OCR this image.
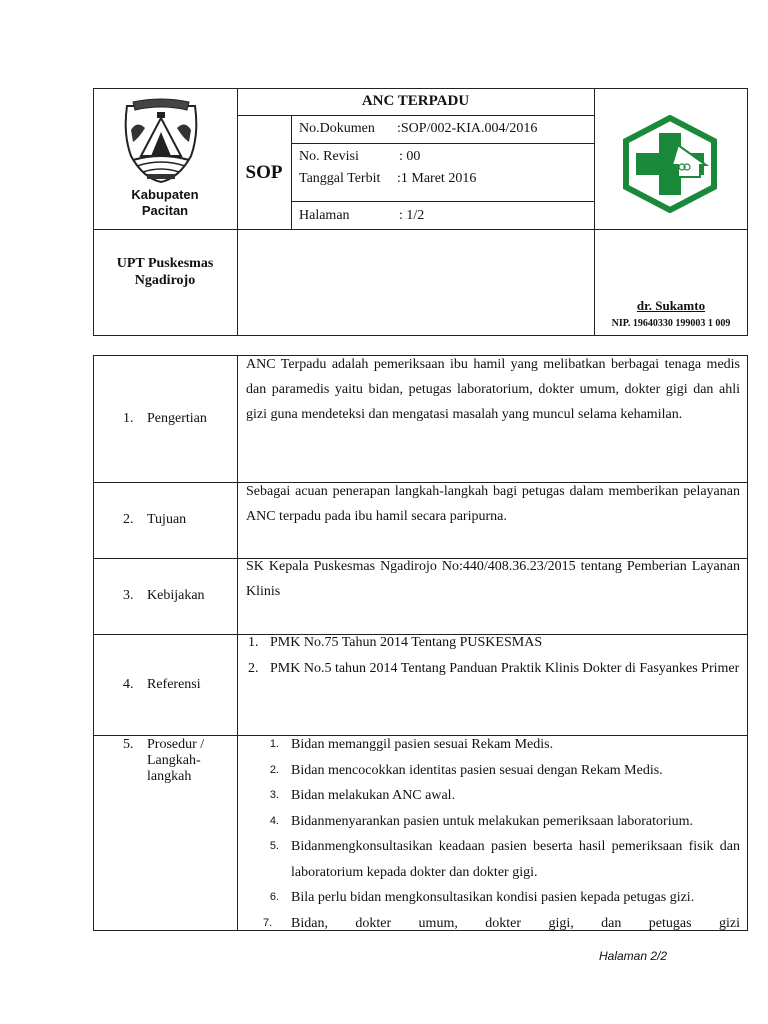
Kabupaten Pacitan
ANC TERPADU
SOP
No.Dokumen :SOP/002-KIA.004/2016
No. Revisi	: 00
Tanggal Terbit :1 Maret 2016
Halaman	: 1/2
UPT Puskesmas
Ngadirojo
dr. Sukamto
NIP. 19640330 199003 1 009
1. Pengertian
ANC Terpadu adalah pemeriksaan ibu hamil yang melibatkan berbagai tenaga medis dan paramedis yaitu bidan, petugas laboratorium, dokter umum, dokter gigi dan ahli gizi guna mendeteksi dan mengatasi masalah yang muncul selama kehamilan.
2. Tujuan
Sebagai acuan penerapan langkah-langkah bagi petugas dalam memberikan pelayanan ANC terpadu pada ibu hamil secara paripurna.
3. Kebijakan
SK Kepala Puskesmas Ngadirojo No:440/408.36.23/2015 tentang Pemberian Layanan Klinis
4. Referensi
1. PMK No.75 Tahun 2014 Tentang PUSKESMAS
2. PMK No.5 tahun 2014 Tentang Panduan Praktik Klinis Dokter di Fasyankes Primer
5. Prosedur /
Langkah-
langkah
1. Bidan memanggil pasien sesuai Rekam Medis.
2. Bidan mencocokkan identitas pasien sesuai dengan Rekam Medis.
3. Bidan melakukan ANC awal.
4. Bidanmenyarankan pasien untuk melakukan pemeriksaan laboratorium.
5. Bidanmengkonsultasikan keadaan pasien beserta hasil pemeriksaan fisik dan laboratorium kepada dokter dan dokter gigi.
6. Bila perlu bidan mengkonsultasikan kondisi pasien kepada petugas gizi.
7.	Bidan, dokter umum, dokter gigi, dan petugas gizi
Halaman 2/2
